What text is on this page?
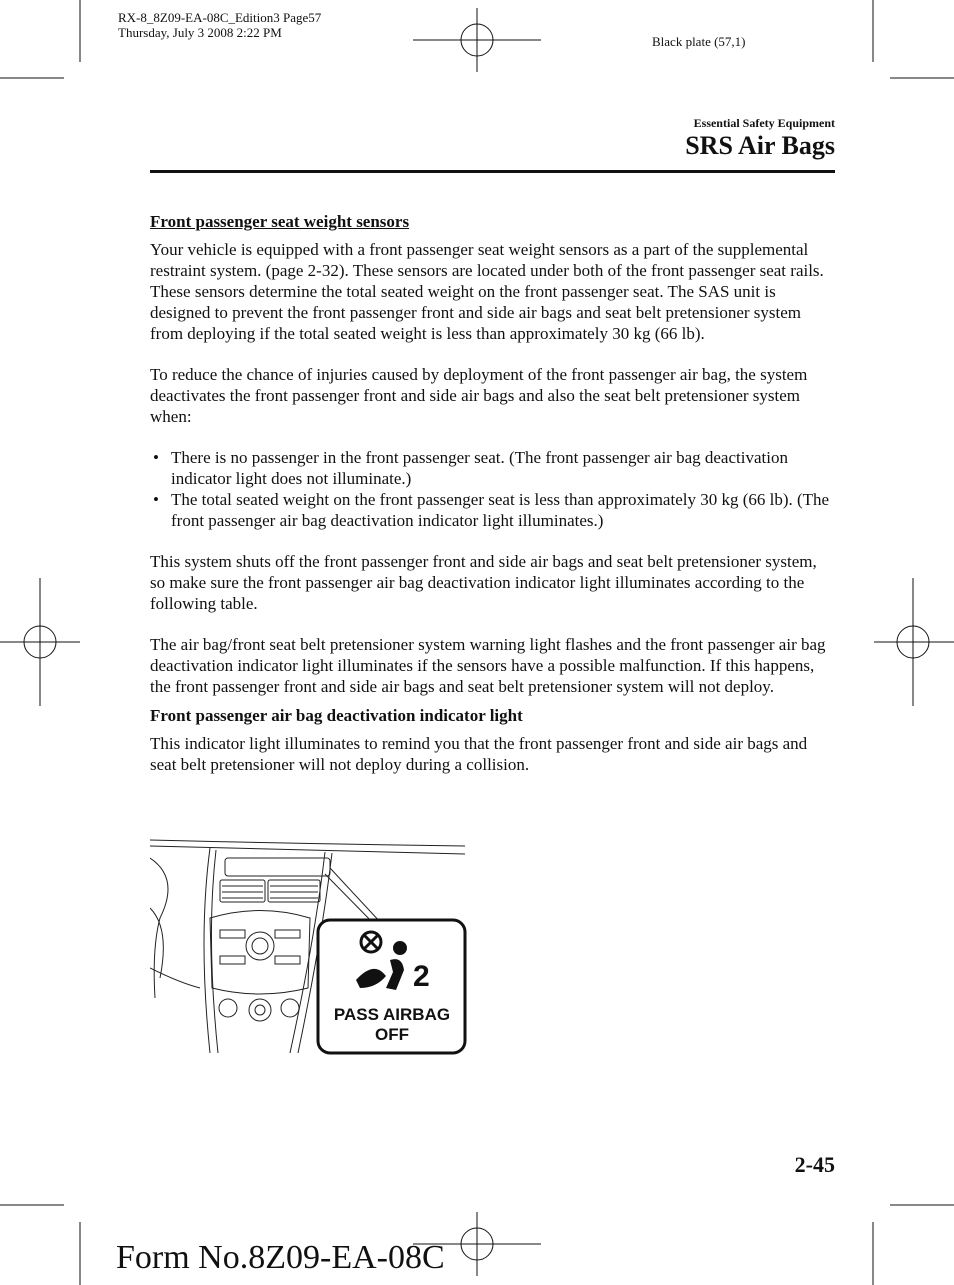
RX-8_8Z09-EA-08C_Edition3 Page57
Thursday, July 3 2008 2:22 PM
Black plate (57,1)
Essential Safety Equipment
SRS Air Bags
Front passenger seat weight sensors

Your vehicle is equipped with a front passenger seat weight sensors as a part of the supplemental restraint system. (page 2-32). These sensors are located under both of the front passenger seat rails. These sensors determine the total seated weight on the front passenger seat. The SAS unit is designed to prevent the front passenger front and side air bags and seat belt pretensioner system from deploying if the total seated weight is less than approximately 30 kg (66 lb).

To reduce the chance of injuries caused by deployment of the front passenger air bag, the system deactivates the front passenger front and side air bags and also the seat belt pretensioner system when:

• There is no passenger in the front passenger seat. (The front passenger air bag deactivation indicator light does not illuminate.)
• The total seated weight on the front passenger seat is less than approximately 30 kg (66 lb). (The front passenger air bag deactivation indicator light illuminates.)

This system shuts off the front passenger front and side air bags and seat belt pretensioner system, so make sure the front passenger air bag deactivation indicator light illuminates according to the following table.

The air bag/front seat belt pretensioner system warning light flashes and the front passenger air bag deactivation indicator light illuminates if the sensors have a possible malfunction. If this happens, the front passenger front and side air bags and seat belt pretensioner system will not deploy.

Front passenger air bag deactivation indicator light

This indicator light illuminates to remind you that the front passenger front and side air bags and seat belt pretensioner will not deploy during a collision.

2
PASS AIRBAG
OFF
2-45
Form No.8Z09-EA-08C
